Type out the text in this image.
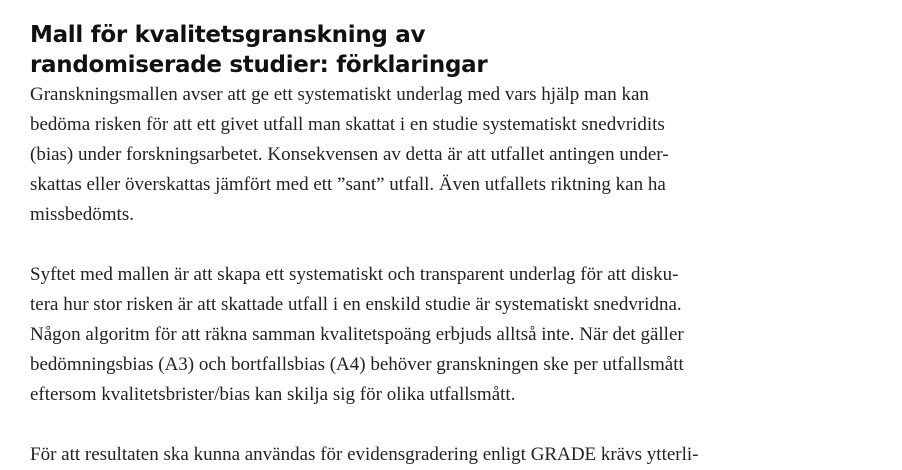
Mall för kvalitetsgranskning av
randomiserade studier: förklaringar

Granskningsmallen avser att ge ett systematiskt underlag med vars hjälp man kan
bedöma risken för att ett givet utfall man skattat i en studie systematiskt snedvridits
(bias) under forskningsarbetet. Konsekvensen av detta är att utfallet antingen under-
skattas eller överskattas jämfört med ett ”sant” utfall. Även utfallets riktning kan ha
missbedömts.

Syftet med mallen är att skapa ett systematiskt och transparent underlag för att disku-
tera hur stor risken är att skattade utfall i en enskild studie är systematiskt snedvridna.
Någon algoritm för att räkna samman kvalitetspoäng erbjuds alltså inte. När det gäller
bedömningsbias (A3) och bortfallsbias (A4) behöver granskningen ske per utfallsmått
eftersom kvalitetsbrister/bias kan skilja sig för olika utfallsmått.

För att resultaten ska kunna användas för evidensgradering enligt GRADE krävs ytterli-
